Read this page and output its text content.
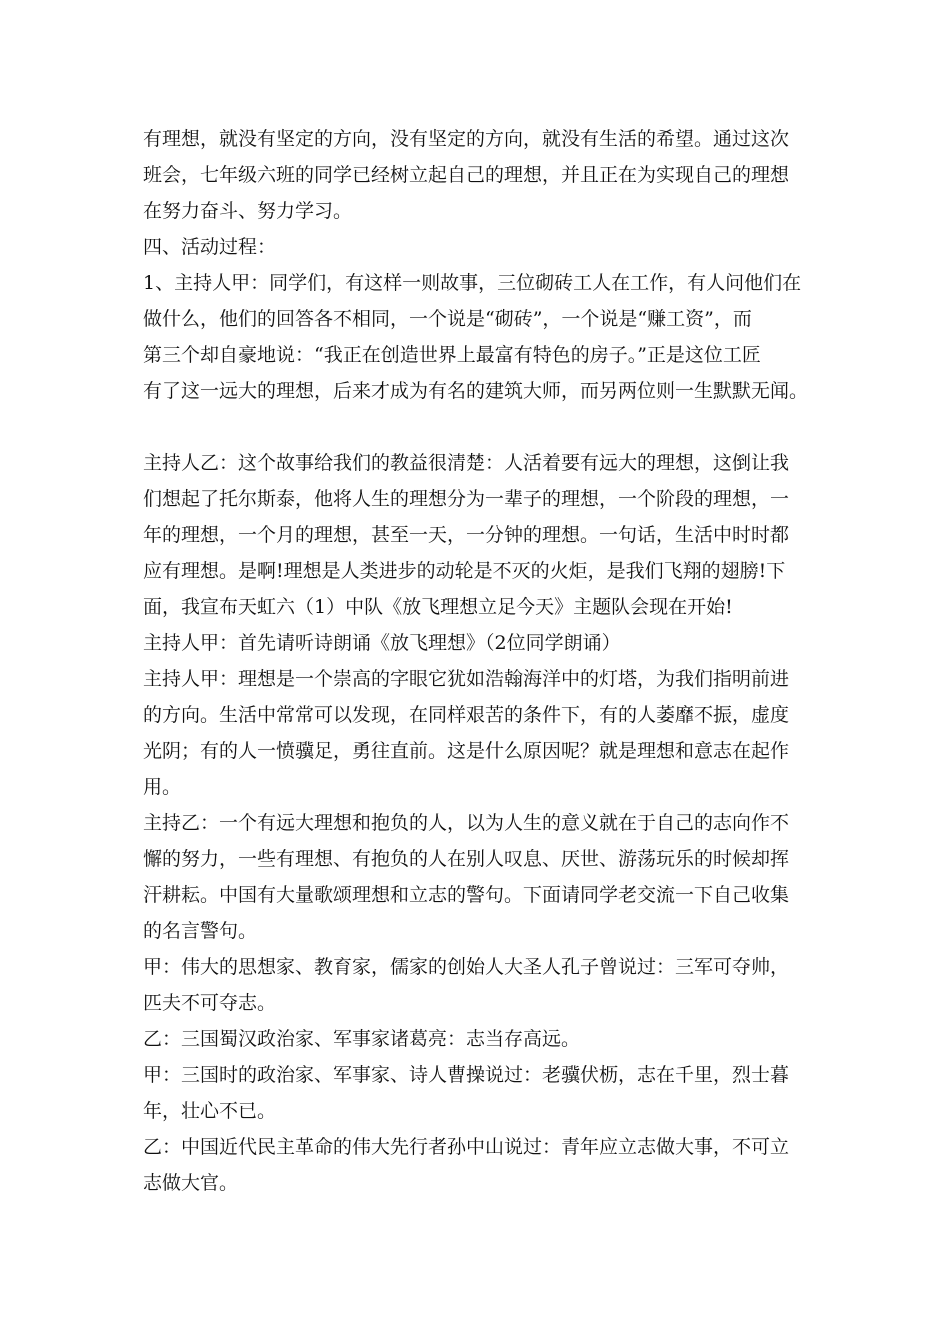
有理想，就没有坚定的方向，没有坚定的方向，就没有生活的希望。通过这次
班会，七年级六班的同学已经树立起自己的理想，并且正在为实现自己的理想
在努力奋斗、努力学习。
四、活动过程：
1、主持人甲：同学们，有这样一则故事，三位砌砖工人在工作，有人问他们在
做什么，他们的回答各不相同，一个说是“砌砖”，一个说是“赚工资”，而
第三个却自豪地说：“我正在创造世界上最富有特色的房子。”正是这位工匠
有了这一远大的理想，后来才成为有名的建筑大师，而另两位则一生默默无闻。
主持人乙：这个故事给我们的教益很清楚：人活着要有远大的理想，这倒让我
们想起了托尔斯泰，他将人生的理想分为一辈子的理想，一个阶段的理想，一
年的理想，一个月的理想，甚至一天，一分钟的理想。一句话，生活中时时都
应有理想。是啊!理想是人类进步的动轮是不灭的火炬，是我们飞翔的翅膀!下
面，我宣布天虹六（1）中队《放飞理想立足今天》主题队会现在开始!
主持人甲：首先请听诗朗诵《放飞理想》（2位同学朗诵）
主持人甲：理想是一个崇高的字眼它犹如浩翰海洋中的灯塔，为我们指明前进
的方向。生活中常常可以发现，在同样艰苦的条件下，有的人萎靡不振，虚度
光阴；有的人一愤骥足，勇往直前。这是什么原因呢？就是理想和意志在起作
用。
主持乙：一个有远大理想和抱负的人，以为人生的意义就在于自己的志向作不
懈的努力，一些有理想、有抱负的人在别人叹息、厌世、游荡玩乐的时候却挥
汗耕耘。中国有大量歌颂理想和立志的警句。下面请同学老交流一下自己收集
的名言警句。
甲：伟大的思想家、教育家，儒家的创始人大圣人孔子曾说过：三军可夺帅，
匹夫不可夺志。
乙：三国蜀汉政治家、军事家诸葛亮：志当存高远。
甲：三国时的政治家、军事家、诗人曹操说过：老骥伏枥，志在千里，烈士暮
年，壮心不已。
乙：中国近代民主革命的伟大先行者孙中山说过：青年应立志做大事，不可立
志做大官。
